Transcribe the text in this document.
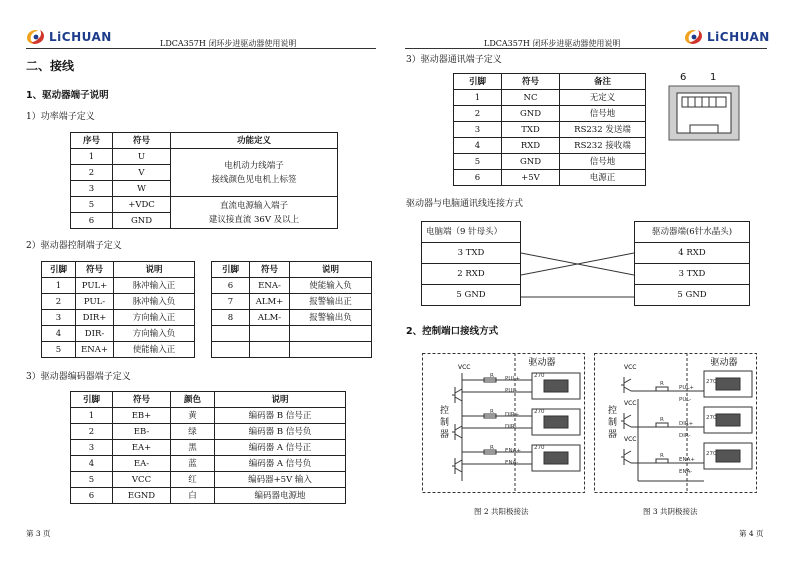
LiCHUAN	LDCA357H 闭环步进驱动器使用说明	LDCA357H 闭环步进驱动器使用说明	LiCHUAN
二、接线
1、驱动器端子说明
1）功率端子定义
序号	符号	功能定义
1	U	电机动力线端子
接线颜色见电机上标签

2	V	
3	W	
5	+VDC	直流电源输入端子
建议接直流 36V 及以上

6	GND	
2）驱动器控制端子定义
引脚	符号	说明
1	PUL+	脉冲输入正
2	PUL-	脉冲输入负
3	DIR+	方向输入正
4	DIR-	方向输入负
5	ENA+	使能输入正
引脚	符号	说明
6	ENA-	使能输入负
7	ALM+	报警输出正
8	ALM-	报警输出负

3）驱动器编码器端子定义
引脚	符号	颜色	说明
1	EB+	黄	编码器 B 信号正
2	EB-	绿	编码器 B 信号负
3	EA+	黑	编码器 A 信号正
4	EA-	蓝	编码器 A 信号负
5	VCC	红	编码器+5V 输入
6	EGND	白	编码器电源地
第 3 页
3）驱动器通讯端子定义
引脚	符号	备注
1	NC	无定义
2	GND	信号地
3	TXD	RS232 发送端
4	RXD	RS232 接收端
5	GND	信号地
6	+5V	电源正
6 1
驱动器与电脑通讯线连接方式
电脑端（9 针母头）
3 TXD
2 RXD
5 GND
驱动器端(6针水晶头)
4 RXD
3 TXD
5 GND
2、控制端口接线方式
驱动器
VCC
控
制
器
R
R
R
270
270
270
PUL+
PUL-
DIR+
DIR-
ENA+
ENA-
驱动器
VCC
VCC
VCC
控
制
器
R
R
R
270
270
270
PUL+
PUL-
DIR+
DIR-
ENA+
ENA-
图 2 共阳极接法	图 3 共阴极接法
第 4 页
